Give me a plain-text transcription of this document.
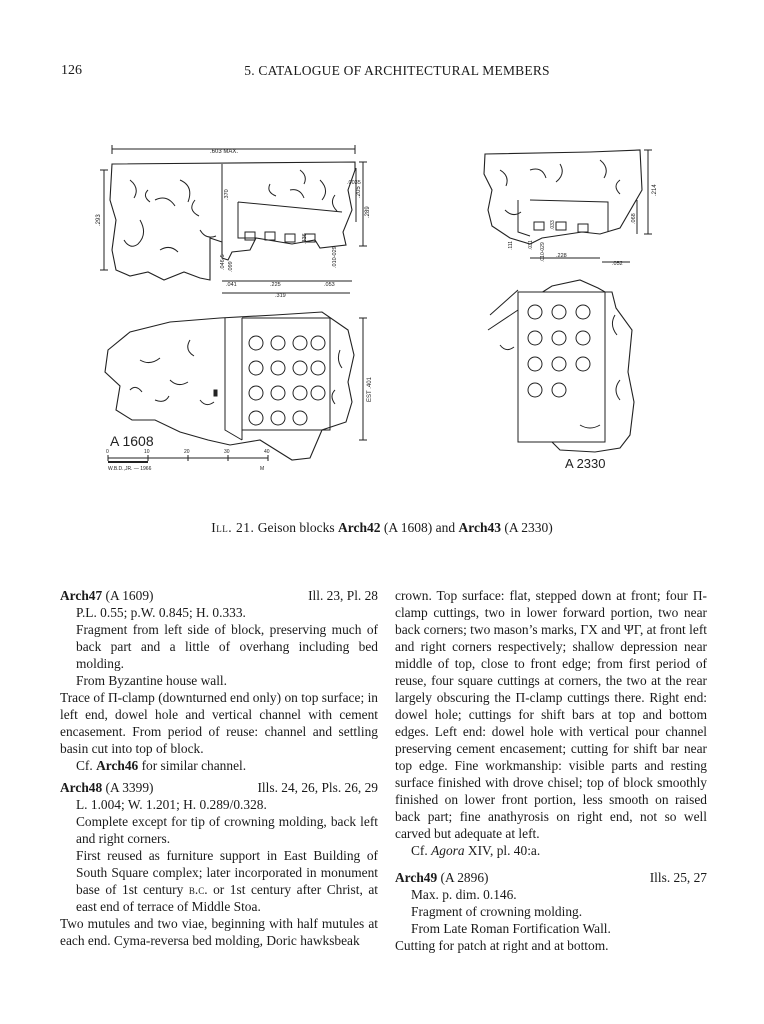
126	5. CATALOGUE OF ARCHITECTURAL MEMBERS
.603 MAX.
.293
.289
.205
.0035
.370
.336
.099
.046-5	.010-029
.041	.225	.053
.319
EST .401
A 1608
0	10	20	30	40
W.B.D.,JR. — 1966	M
.214
.068
.031
.033
.010-029
.111
.228
.052
A 2330
Ill. 21. Geison blocks Arch42 (A 1608) and Arch43 (A 2330)
Arch47 (A 1609)	Ill. 23, Pl. 28

P.L. 0.55; p.W. 0.845; H. 0.333.

Fragment from left side of block, preserving much of back part and a little of overhang including bed molding.

From Byzantine house wall.

Trace of Π-clamp (downturned end only) on top surface; in left end, dowel hole and vertical channel with cement encasement. From period of reuse: channel and settling basin cut into top of block.

Cf. Arch46 for similar channel.

Arch48 (A 3399)	Ills. 24, 26, Pls. 26, 29

L. 1.004; W. 1.201; H. 0.289/0.328.

Complete except for tip of crowning molding, back left and right corners.

First reused as furniture support in East Building of South Square complex; later incorporated in monument base of 1st century b.c. or 1st century after Christ, at east end of terrace of Middle Stoa.

Two mutules and two viae, beginning with half mutules at each end. Cyma-reversa bed molding, Doric hawksbeak

crown. Top surface: flat, stepped down at front; four Π-clamp cuttings, two in lower forward portion, two near back corners; two mason’s marks, ΓΧ and ΨΓ, at front left and right corners respectively; shallow depression near middle of top, close to front edge; from first period of reuse, four square cuttings at corners, the two at the rear largely obscuring the Π-clamp cuttings there. Right end: dowel hole; cuttings for shift bars at top and bottom edges. Left end: dowel hole with vertical pour channel preserving cement encasement; cutting for shift bar near top edge. Fine workmanship: visible parts and resting surface finished with drove chisel; top of block smoothly finished on lower front portion, less smooth on raised back part; fine anathyrosis on right end, not so well carved but adequate at left.

Cf. Agora XIV, pl. 40:a.

Arch49 (A 2896)	Ills. 25, 27

Max. p. dim. 0.146.

Fragment of crowning molding.

From Late Roman Fortification Wall.

Cutting for patch at right and at bottom.
